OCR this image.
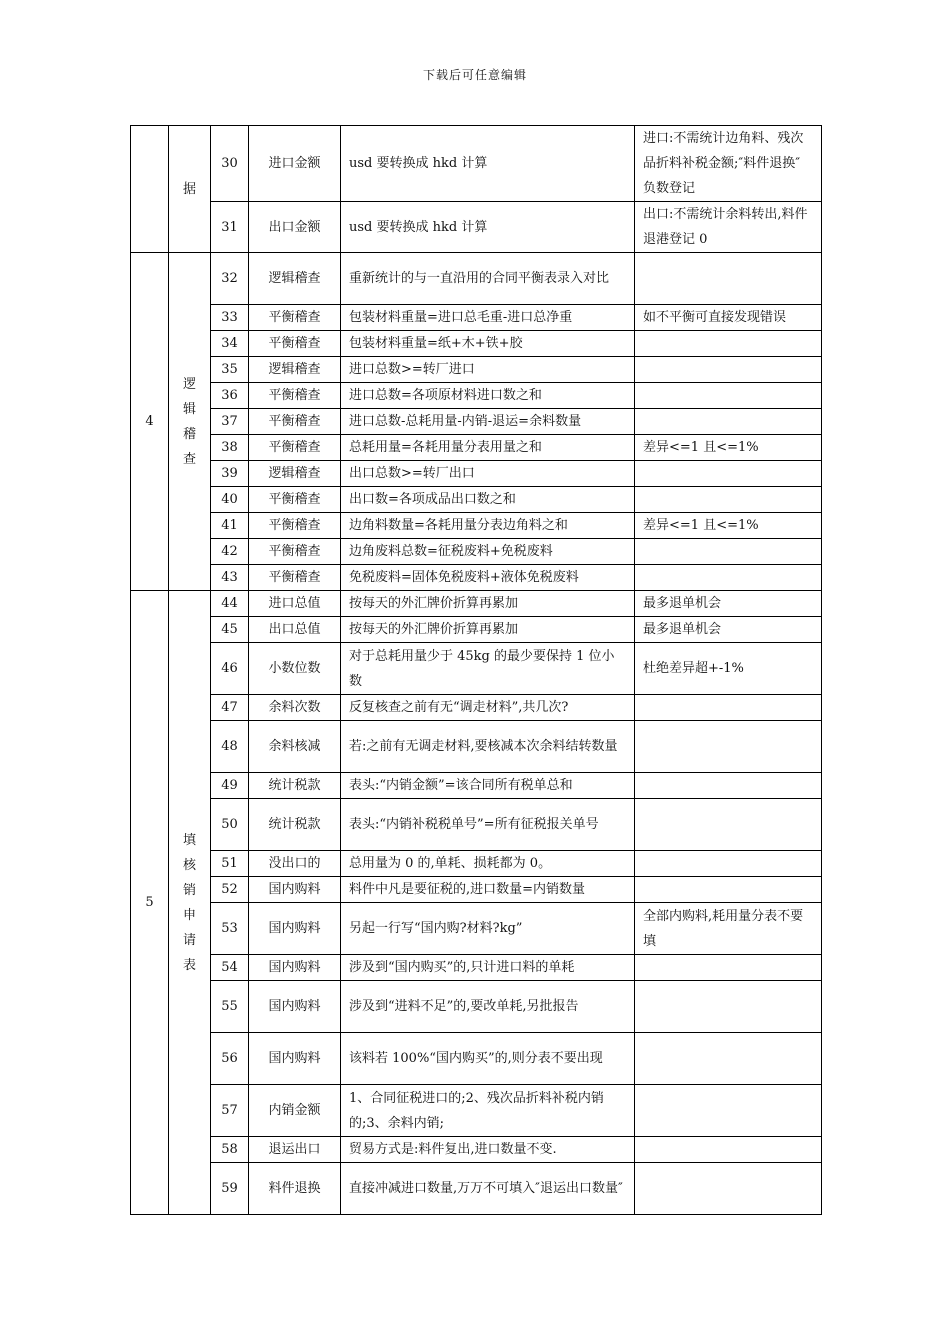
下载后可任意编辑
	据	30	进口金额	usd 要转换成 hkd 计算	进口:不需统计边角料、残次品折料补税金额;″料件退换″负数登记
		31	出口金额	usd 要转换成 hkd 计算	出口:不需统计余料转出,料件退港登记 0
4	逻辑稽查	32	逻辑稽查	重新统计的与一直沿用的合同平衡表录入对比	
		33	平衡稽查	包装材料重量=进口总毛重-进口总净重	如不平衡可直接发现错误
		34	平衡稽查	包装材料重量=纸+木+铁+胶	
		35	逻辑稽查	进口总数>=转厂进口	
		36	平衡稽查	进口总数=各项原材料进口数之和	
		37	平衡稽查	进口总数-总耗用量-内销-退运=余料数量	
		38	平衡稽查	总耗用量=各耗用量分表用量之和	差异<=1 且<=1%
		39	逻辑稽查	出口总数>=转厂出口	
		40	平衡稽查	出口数=各项成品出口数之和	
		41	平衡稽查	边角料数量=各耗用量分表边角料之和	差异<=1 且<=1%
		42	平衡稽查	边角废料总数=征税废料+免税废料	
		43	平衡稽查	免税废料=固体免税废料+液体免税废料	
5	填核销申请表	44	进口总值	按每天的外汇牌价折算再累加	最多退单机会
		45	出口总值	按每天的外汇牌价折算再累加	最多退单机会
		46	小数位数	对于总耗用量少于 45kg 的最少要保持 1 位小数	杜绝差异超+-1%
		47	余料次数	反复核查之前有无“调走材料”,共几次?	
		48	余料核减	若:之前有无调走材料,要核减本次余料结转数量	
		49	统计税款	表头:“内销金额”=该合同所有税单总和	
		50	统计税款	表头:“内销补税税单号”=所有征税报关单号	
		51	没出口的	总用量为 0 的,单耗、损耗都为 0。	
		52	国内购料	料件中凡是要征税的,进口数量=内销数量	
		53	国内购料	另起一行写“国内购?材料?kg”	全部内购料,耗用量分表不要填
		54	国内购料	涉及到“国内购买”的,只计进口料的单耗	
		55	国内购料	涉及到“进料不足”的,要改单耗,另批报告	
		56	国内购料	该料若 100%“国内购买”的,则分表不要出现	
		57	内销金额	1、合同征税进口的;2、残次品折料补税内销的;3、余料内销;	
		58	退运出口	贸易方式是:料件复出,进口数量不变.	
		59	料件退换	直接冲减进口数量,万万不可填入″退运出口数量″	
